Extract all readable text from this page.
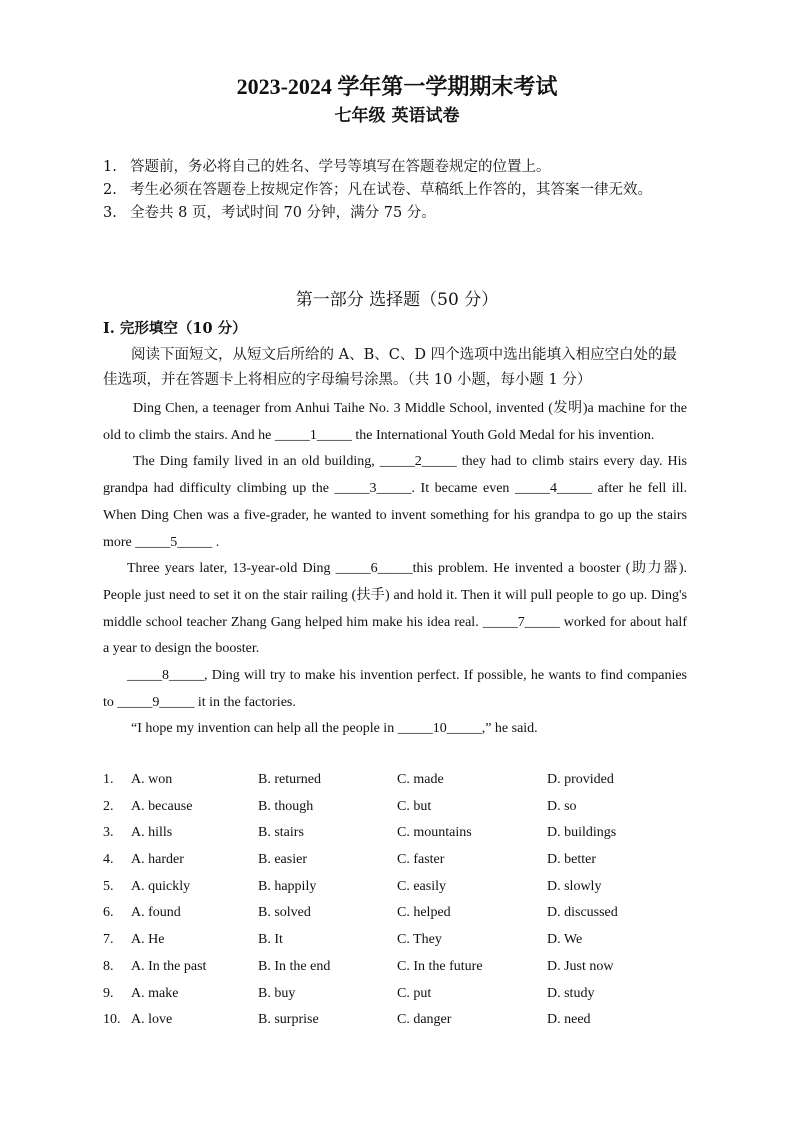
2023-2024 学年第一学期期末考试
七年级 英语试卷
1. 答题前，务必将自己的姓名、学号等填写在答题卷规定的位置上。
2. 考生必须在答题卷上按规定作答；凡在试卷、草稿纸上作答的，其答案一律无效。
3. 全卷共 8 页，考试时间 70 分钟，满分 75 分。
第一部分 选择题（50 分）
I. 完形填空（10 分）
阅读下面短文，从短文后所给的 A、B、C、D 四个选项中选出能填入相应空白处的最佳选项，并在答题卡上将相应的字母编号涂黑。（共 10 小题，每小题 1 分）

Ding Chen, a teenager from Anhui Taihe No. 3 Middle School, invented (发明)a machine for the old to climb the stairs. And he _____1_____ the International Youth Gold Medal for his invention.

The Ding family lived in an old building, _____2_____ they had to climb stairs every day. His grandpa had difficulty climbing up the _____3_____. It became even _____4_____ after he fell ill. When Ding Chen was a five-grader, he wanted to invent something for his grandpa to go up the stairs more _____5_____ .

Three years later, 13-year-old Ding _____6_____this problem. He invented a booster (助力器). People just need to set it on the stair railing (扶手) and hold it. Then it will pull people to go up. Ding's middle school teacher Zhang Gang helped him make his idea real. _____7_____ worked for about half a year to design the booster.

_____8_____, Ding will try to make his invention perfect. If possible, he wants to find companies to _____9_____ it in the factories.

“I hope my invention can help all the people in _____10_____,” he said.

1. A. won	B. returned	C. made	D. provided
2. A. because	B. though	C. but	D. so
3. A. hills	B. stairs	C. mountains	D. buildings
4. A. harder	B. easier	C. faster	D. better
5. A. quickly	B. happily	C. easily	D. slowly
6. A. found	B. solved	C. helped	D. discussed
7. A. He	B. It	C. They	D. We
8. A. In the past	B. In the end	C. In the future	D. Just now
9. A. make	B. buy	C. put	D. study
10. A. love	B. surprise	C. danger	D. need
